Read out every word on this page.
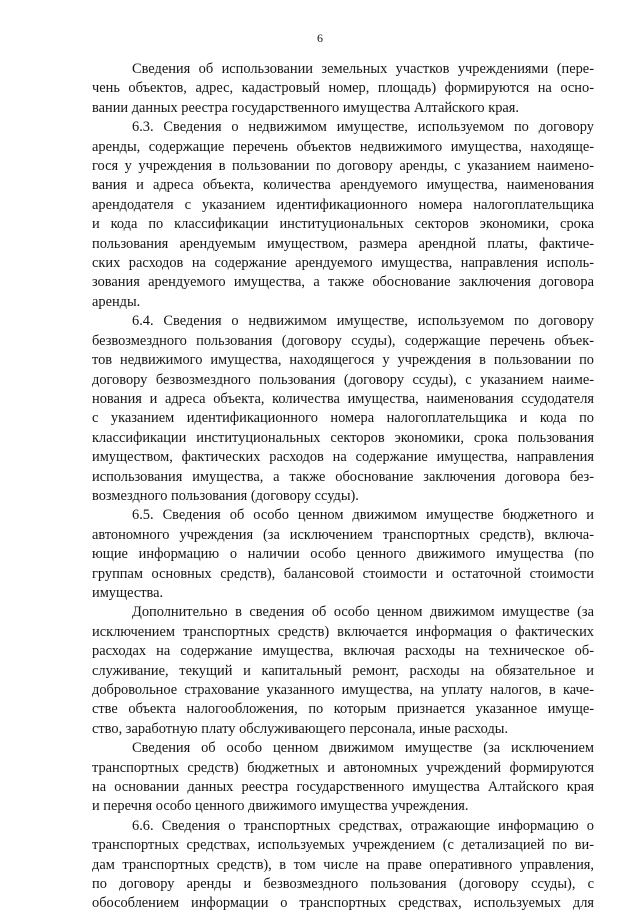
6
Сведения об использовании земельных участков учреждениями (пере-
чень объектов, адрес, кадастровый номер, площадь) формируются на осно-
вании данных реестра государственного имущества Алтайского края.
6.3. Сведения о недвижимом имуществе, используемом по договору
аренды, содержащие перечень объектов недвижимого имущества, находяще-
гося у учреждения в пользовании по договору аренды, с указанием наимено-
вания и адреса объекта, количества арендуемого имущества, наименования
арендодателя с указанием идентификационного номера налогоплательщика
и кода по классификации институциональных секторов экономики, срока
пользования арендуемым имуществом, размера арендной платы, фактиче-
ских расходов на содержание арендуемого имущества, направления исполь-
зования арендуемого имущества, а также обоснование заключения договора
аренды.
6.4. Сведения о недвижимом имуществе, используемом по договору
безвозмездного пользования (договору ссуды), содержащие перечень объек-
тов недвижимого имущества, находящегося у учреждения в пользовании по
договору безвозмездного пользования (договору ссуды), с указанием наиме-
нования и адреса объекта, количества имущества, наименования ссудодателя
с указанием идентификационного номера налогоплательщика и кода по
классификации институциональных секторов экономики, срока пользования
имуществом, фактических расходов на содержание имущества, направления
использования имущества, а также обоснование заключения договора без-
возмездного пользования (договору ссуды).
6.5. Сведения об особо ценном движимом имуществе бюджетного и
автономного учреждения (за исключением транспортных средств), включа-
ющие информацию о наличии особо ценного движимого имущества (по
группам основных средств), балансовой стоимости и остаточной стоимости
имущества.
Дополнительно в сведения об особо ценном движимом имуществе (за
исключением транспортных средств) включается информация о фактических
расходах на содержание имущества, включая расходы на техническое об-
служивание, текущий и капитальный ремонт, расходы на обязательное и
добровольное страхование указанного имущества, на уплату налогов, в каче-
стве объекта налогообложения, по которым признается указанное имуще-
ство, заработную плату обслуживающего персонала, иные расходы.
Сведения об особо ценном движимом имуществе (за исключением
транспортных средств) бюджетных и автономных учреждений формируются
на основании данных реестра государственного имущества Алтайского края
и перечня особо ценного движимого имущества учреждения.
6.6. Сведения о транспортных средствах, отражающие информацию о
транспортных средствах, используемых учреждением (с детализацией по ви-
дам транспортных средств), в том числе на праве оперативного управления,
по договору аренды и безвозмездного пользования (договору ссуды), с
обособлением информации о транспортных средствах, используемых для
